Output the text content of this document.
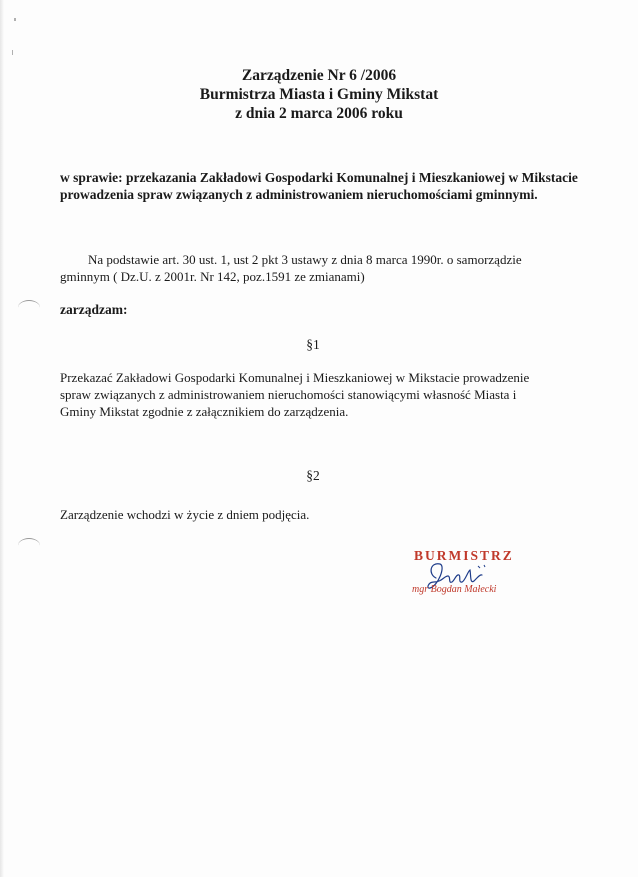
Zarządzenie Nr 6 /2006
Burmistrza Miasta i Gminy Mikstat
z dnia 2 marca 2006 roku
w sprawie: przekazania Zakładowi Gospodarki Komunalnej i Mieszkaniowej w Mikstacie prowadzenia spraw związanych z administrowaniem nieruchomościami gminnymi.
Na podstawie art. 30 ust. 1, ust 2 pkt 3 ustawy z dnia 8 marca 1990r. o samorządzie gminnym ( Dz.U. z 2001r. Nr 142, poz.1591 ze zmianami)
zarządzam:
§1
Przekazać Zakładowi Gospodarki Komunalnej i Mieszkaniowej w Mikstacie prowadzenie spraw związanych z administrowaniem nieruchomości stanowiącymi własność Miasta i Gminy Mikstat zgodnie z załącznikiem do zarządzenia.
§2
Zarządzenie wchodzi w życie z dniem podjęcia.
BURMISTRZ
mgr Bogdan Małecki
